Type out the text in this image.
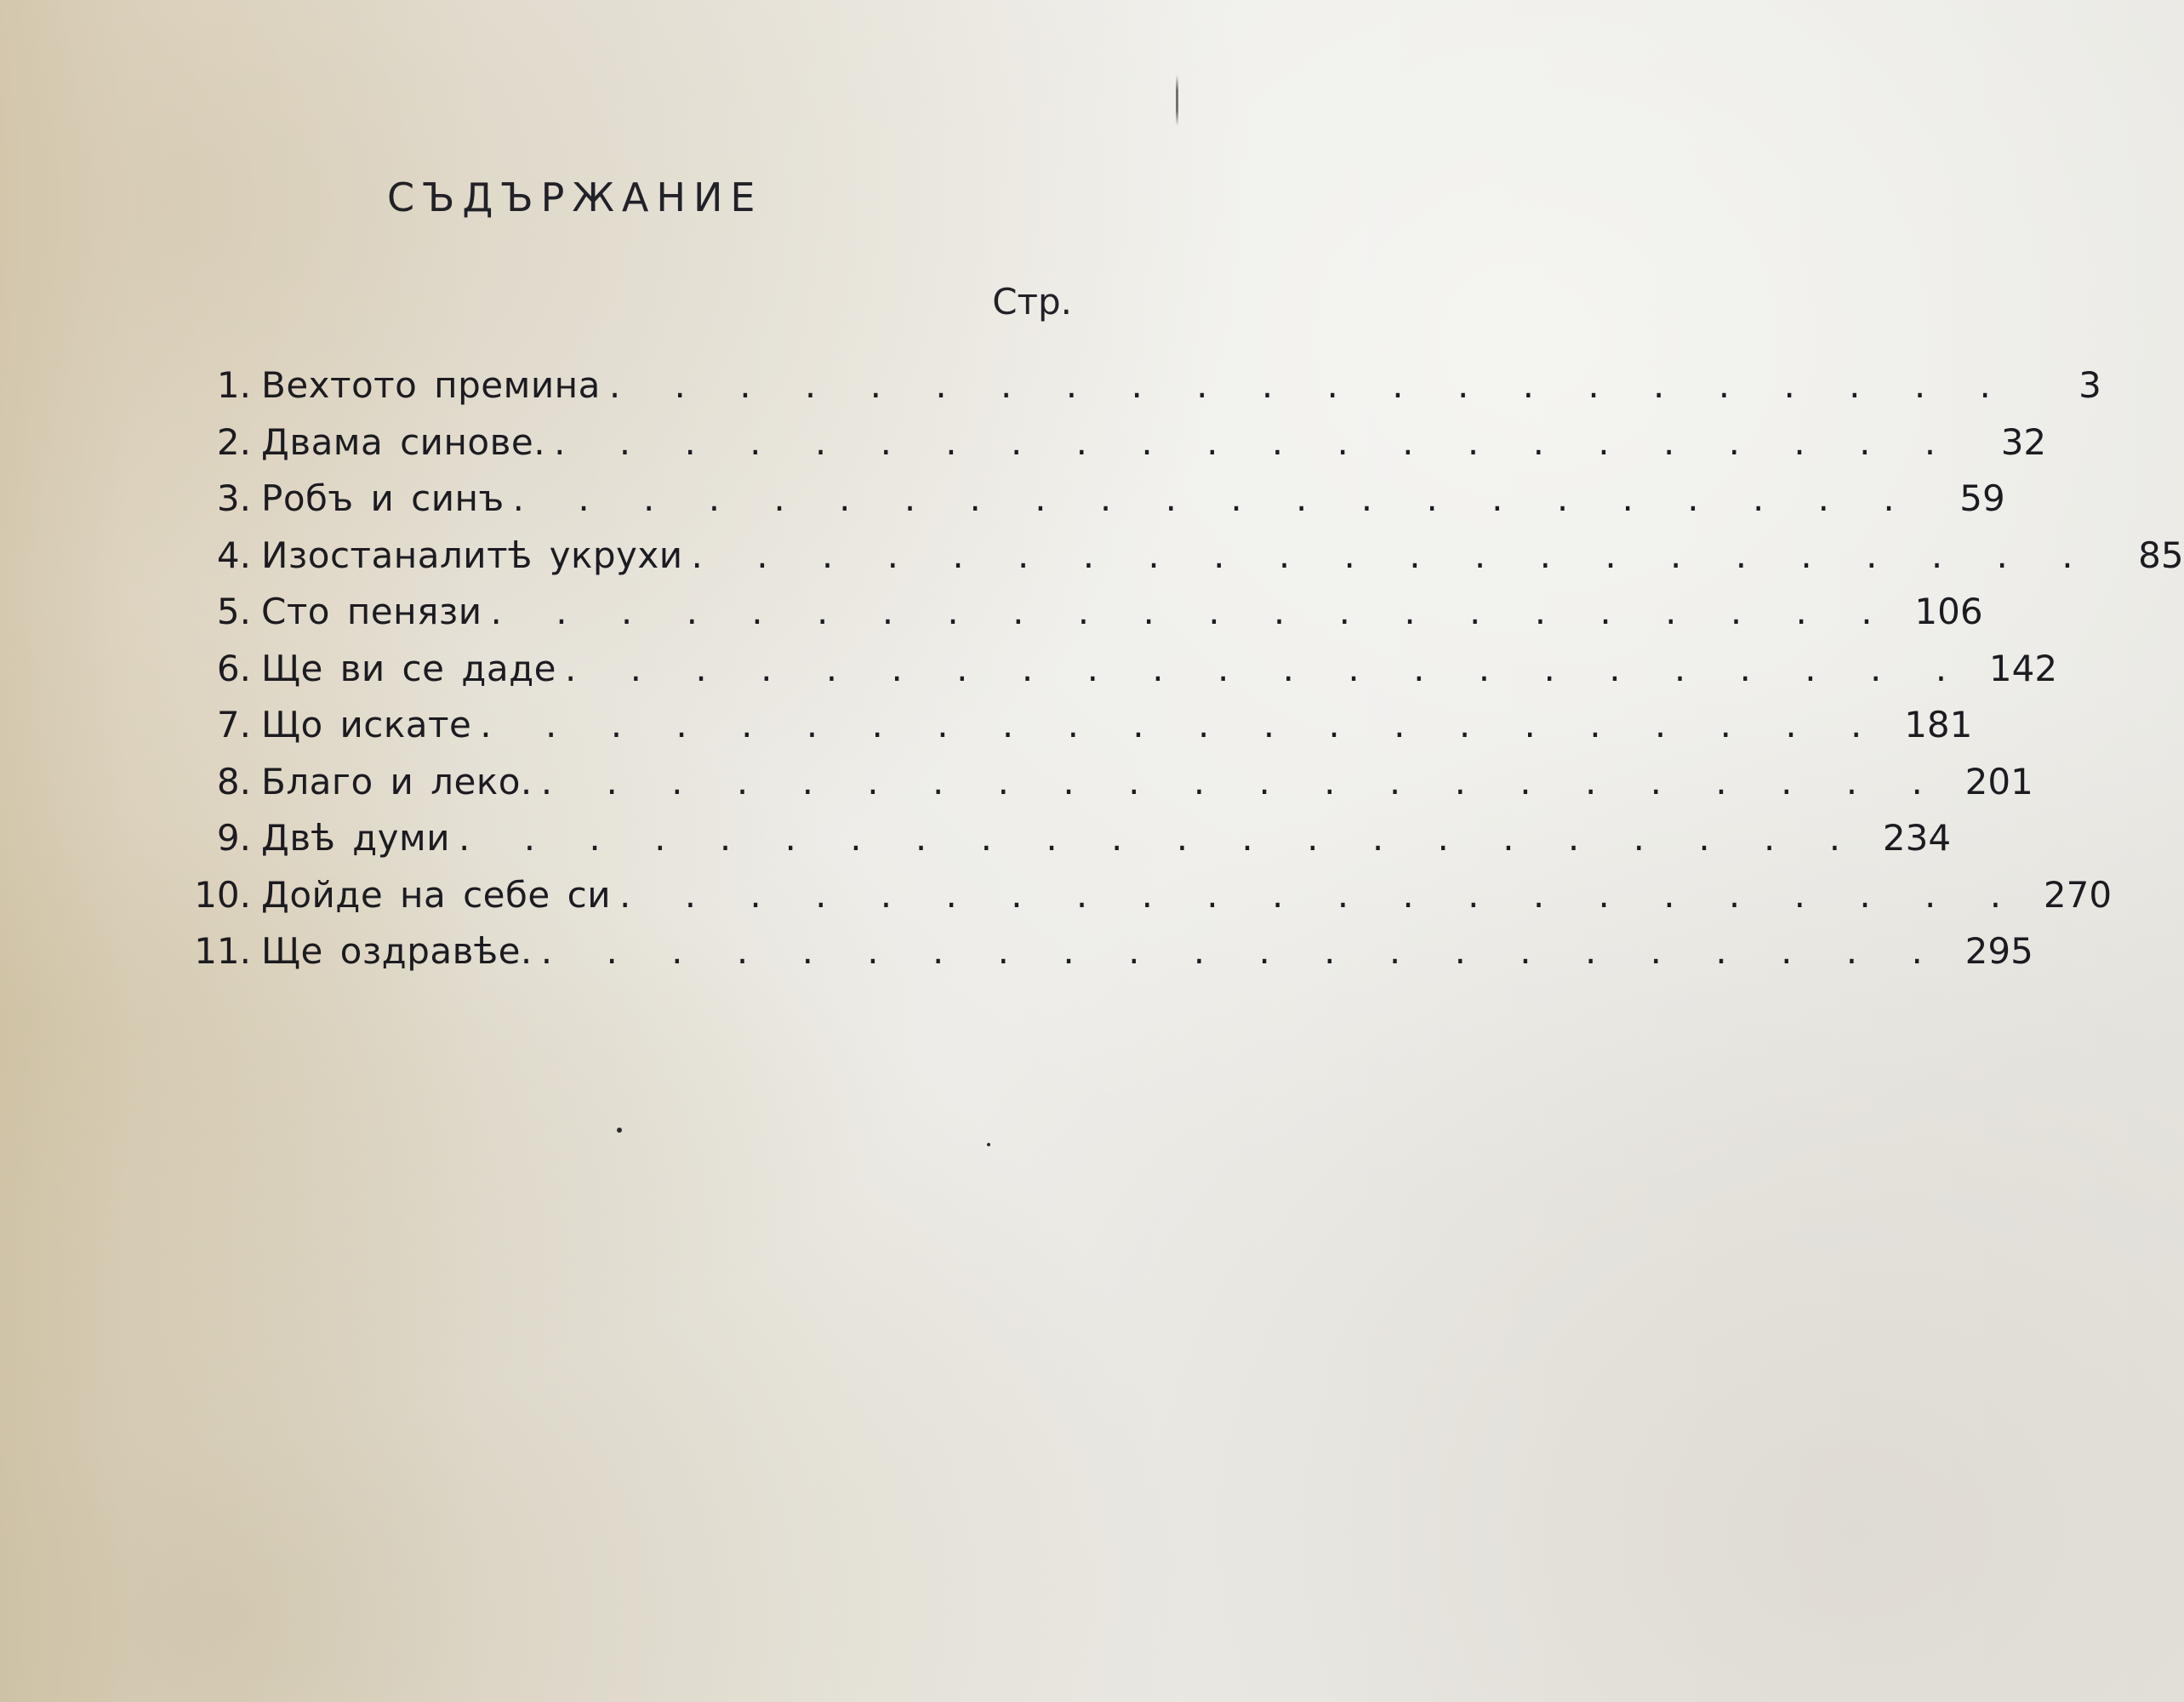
СЪДЪРЖАНИЕ
Стр.
1. Вехтото премина . . . . . . . . . . . . . . . . . . . . . .	3
2. Двама синове. . . . . . . . . . . . . . . . . . . . . . .	32
3. Робъ и синъ . . . . . . . . . . . . . . . . . . . . . .	59
4. Изостаналитѣ укрухи . . . . . . . . . . . . . . . . . . . . . .	85
5. Сто пенязи . . . . . . . . . . . . . . . . . . . . . . 106
6. Ще ви се даде . . . . . . . . . . . . . . . . . . . . . . 142
7. Що искате . . . . . . . . . . . . . . . . . . . . . . 181
8. Благо и леко. . . . . . . . . . . . . . . . . . . . . . . 201
9. Двѣ думи . . . . . . . . . . . . . . . . . . . . . . 234
10. Дойде на себе си . . . . . . . . . . . . . . . . . . . . . . 270
11. Ще оздравѣе. . . . . . . . . . . . . . . . . . . . . . . 295
